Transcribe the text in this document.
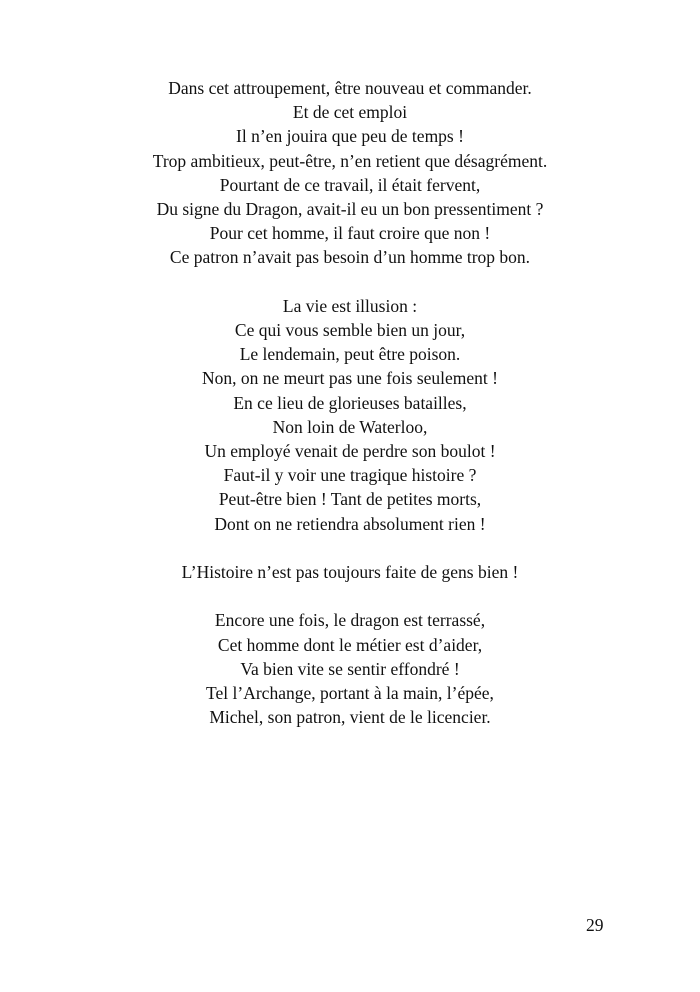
Dans cet attroupement, être nouveau et commander.
Et de cet emploi
Il n’en jouira que peu de temps !
Trop ambitieux, peut-être, n’en retient que désagrément.
Pourtant de ce travail, il était fervent,
Du signe du Dragon, avait-il eu un bon pressentiment ?
Pour cet homme, il faut croire que non !
Ce patron n’avait pas besoin d’un homme trop bon.
La vie est illusion :
Ce qui vous semble bien un jour,
Le lendemain, peut être poison.
Non, on ne meurt pas une fois seulement !
En ce lieu de glorieuses batailles,
Non loin de Waterloo,
Un employé venait de perdre son boulot !
Faut-il y voir une tragique histoire ?
Peut-être bien ! Tant de petites morts,
Dont on ne retiendra absolument rien !
L’Histoire n’est pas toujours faite de gens bien !
Encore une fois, le dragon est terrassé,
Cet homme dont le métier est d’aider,
Va bien vite se sentir effondré !
Tel l’Archange, portant à la main, l’épée,
Michel, son patron, vient de le licencier.
29
